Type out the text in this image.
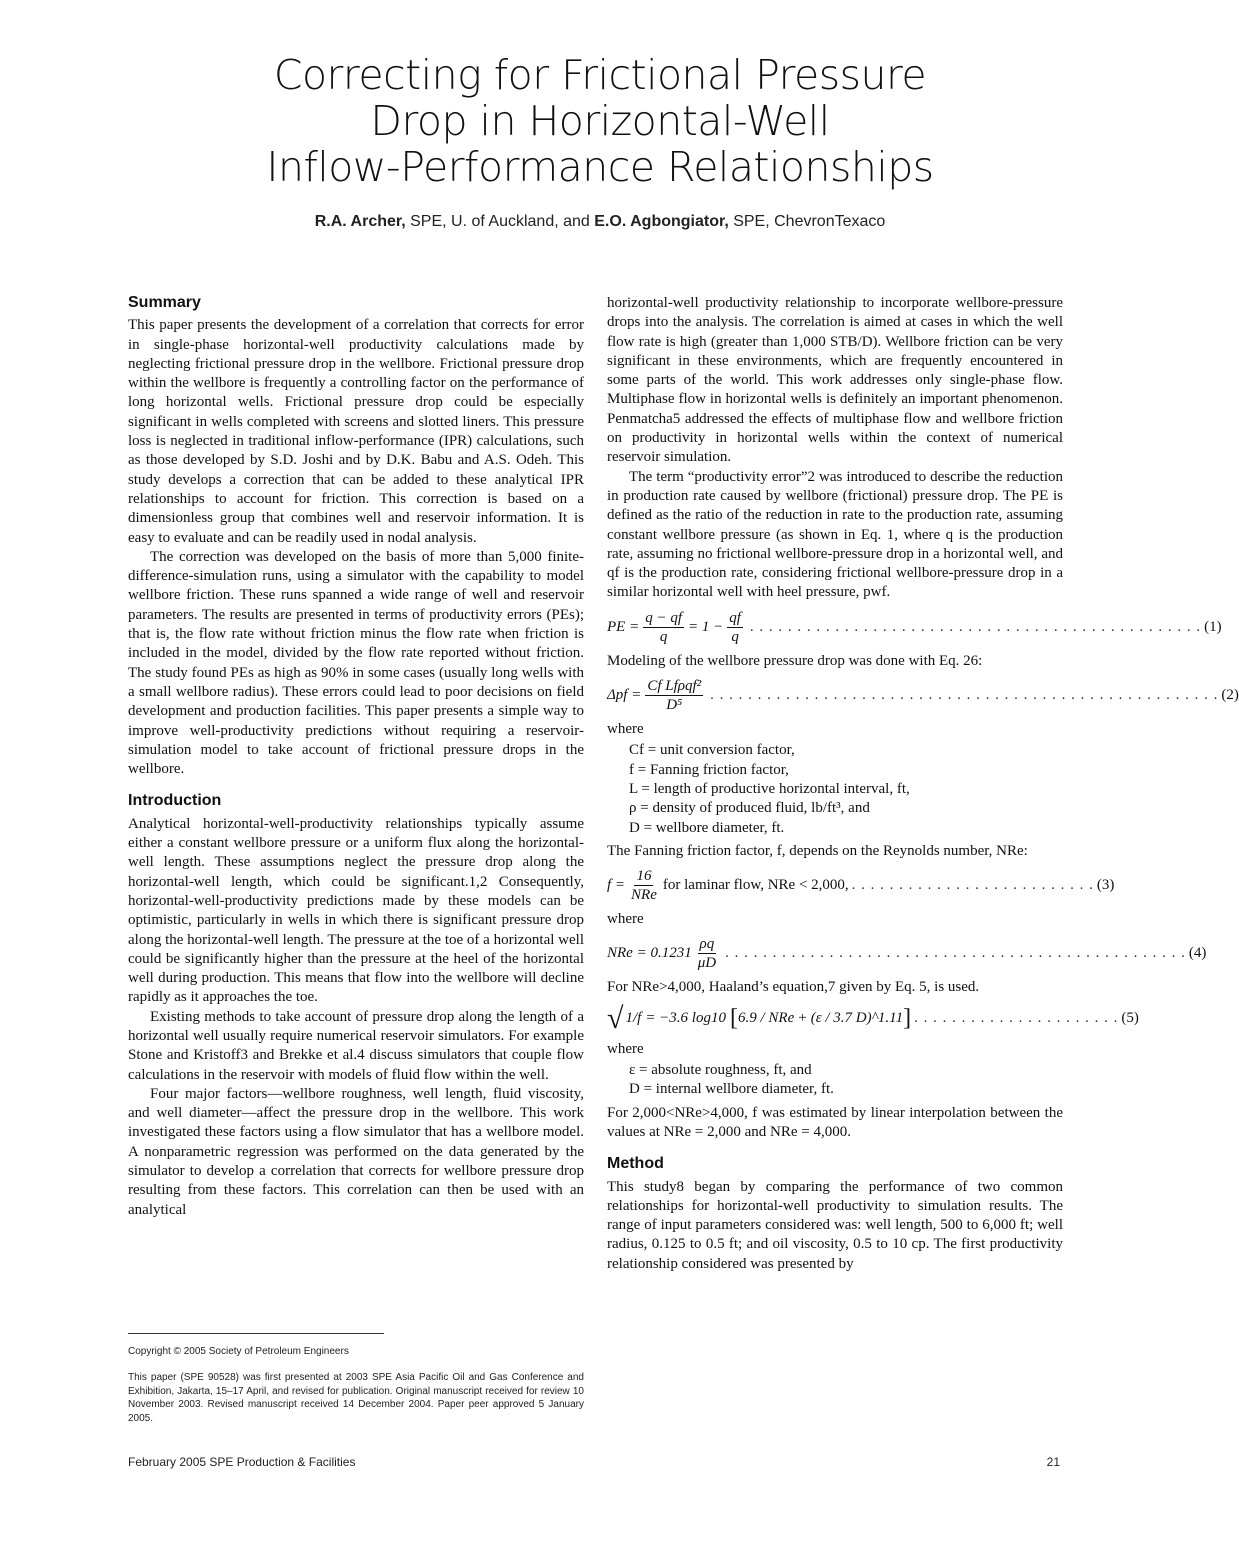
Correcting for Frictional Pressure
Drop in Horizontal-Well
Inflow-Performance Relationships
R.A. Archer, SPE, U. of Auckland, and E.O. Agbongiator, SPE, ChevronTexaco
Summary

This paper presents the development of a correlation that corrects for error in single-phase horizontal-well productivity calculations made by neglecting frictional pressure drop in the wellbore. Frictional pressure drop within the wellbore is frequently a controlling factor on the performance of long horizontal wells. Frictional pressure drop could be especially significant in wells completed with screens and slotted liners. This pressure loss is neglected in traditional inflow-performance (IPR) calculations, such as those developed by S.D. Joshi and by D.K. Babu and A.S. Odeh. This study develops a correction that can be added to these analytical IPR relationships to account for friction. This correction is based on a dimensionless group that combines well and reservoir information. It is easy to evaluate and can be readily used in nodal analysis.

The correction was developed on the basis of more than 5,000 finite-difference-simulation runs, using a simulator with the capability to model wellbore friction. These runs spanned a wide range of well and reservoir parameters. The results are presented in terms of productivity errors (PEs); that is, the flow rate without friction minus the flow rate when friction is included in the model, divided by the flow rate reported without friction. The study found PEs as high as 90% in some cases (usually long wells with a small wellbore radius). These errors could lead to poor decisions on field development and production facilities. This paper presents a simple way to improve well-productivity predictions without requiring a reservoir-simulation model to take account of frictional pressure drops in the wellbore.

Introduction

Analytical horizontal-well-productivity relationships typically assume either a constant wellbore pressure or a uniform flux along the horizontal-well length. These assumptions neglect the pressure drop along the horizontal-well length, which could be significant.1,2 Consequently, horizontal-well-productivity predictions made by these models can be optimistic, particularly in wells in which there is significant pressure drop along the horizontal-well length. The pressure at the toe of a horizontal well could be significantly higher than the pressure at the heel of the horizontal well during production. This means that flow into the wellbore will decline rapidly as it approaches the toe.

Existing methods to take account of pressure drop along the length of a horizontal well usually require numerical reservoir simulators. For example Stone and Kristoff3 and Brekke et al.4 discuss simulators that couple flow calculations in the reservoir with models of fluid flow within the well.

Four major factors—wellbore roughness, well length, fluid viscosity, and well diameter—affect the pressure drop in the wellbore. This work investigated these factors using a flow simulator that has a wellbore model. A nonparametric regression was performed on the data generated by the simulator to develop a correlation that corrects for wellbore pressure drop resulting from these factors. This correlation can then be used with an analytical

horizontal-well productivity relationship to incorporate wellbore-pressure drops into the analysis. The correlation is aimed at cases in which the well flow rate is high (greater than 1,000 STB/D). Wellbore friction can be very significant in these environments, which are frequently encountered in some parts of the world. This work addresses only single-phase flow. Multiphase flow in horizontal wells is definitely an important phenomenon. Penmatcha5 addressed the effects of multiphase flow and wellbore friction on productivity in horizontal wells within the context of numerical reservoir simulation.

The term “productivity error”2 was introduced to describe the reduction in production rate caused by wellbore (frictional) pressure drop. The PE is defined as the ratio of the reduction in rate to the production rate, assuming constant wellbore pressure (as shown in Eq. 1, where q is the production rate, assuming no frictional wellbore-pressure drop in a horizontal well, and qf is the production rate, considering frictional wellbore-pressure drop in a similar horizontal well with heel pressure, pwf.

PE = $\frac{q - qf}{q} = 1 - \frac{qf}{q}$ . . . . . . . . . . . . . . . . . . . . . . . . . . . . . . . . . . . . . . . . . . . . . . . . (1)

Modeling of the wellbore pressure drop was done with Eq. 26:

$\Delta pf = \frac{\text{Cf Lfρqf²}}{\text{D⁵}}$ . . . . . . . . . . . . . . . . . . . . . . . . . . . . . . . . . . . . . . . . . . . . . . . . . . . . . . (2)

where

Cf = unit conversion factor,
f = Fanning friction factor,
L = length of productive horizontal interval, ft,
ρ = density of produced fluid, lb/ft³, and
D = wellbore diameter, ft.

The Fanning friction factor, f, depends on the Reynolds number, NRe:

$f = \frac{16}{\text{NRe}}$ for laminar flow, NRe < 2,000, . . . . . . . . . . . . . . . . . . . . . . . . . . (3)

where

NRe = $0.1231 \frac{\rho q}{\mu D}$ . . . . . . . . . . . . . . . . . . . . . . . . . . . . . . . . . . . . . . . . . . . . . . . . . (4)

For NRe>4,000, Haaland’s equation,7 given by Eq. 5, is used.

√ 1/f = −3.6 log10 [ 6.9 / NRe + (ε / 3.7 D)^1.11 ] . . . . . . . . . . . . . . . . . . . . . . (5)

where

ε = absolute roughness, ft, and
D = internal wellbore diameter, ft.

For 2,000<NRe>4,000, f was estimated by linear interpolation between the values at NRe = 2,000 and NRe = 4,000.

Method

This study8 began by comparing the performance of two common relationships for horizontal-well productivity to simulation results. The range of input parameters considered was: well length, 500 to 6,000 ft; well radius, 0.125 to 0.5 ft; and oil viscosity, 0.5 to 10 cp. The first productivity relationship considered was presented by

Copyright © 2005 Society of Petroleum Engineers
This paper (SPE 90528) was first presented at 2003 SPE Asia Pacific Oil and Gas Conference and Exhibition, Jakarta, 15–17 April, and revised for publication. Original manuscript received for review 10 November 2003. Revised manuscript received 14 December 2004. Paper peer approved 5 January 2005.
February 2005 SPE Production & Facilities	21
